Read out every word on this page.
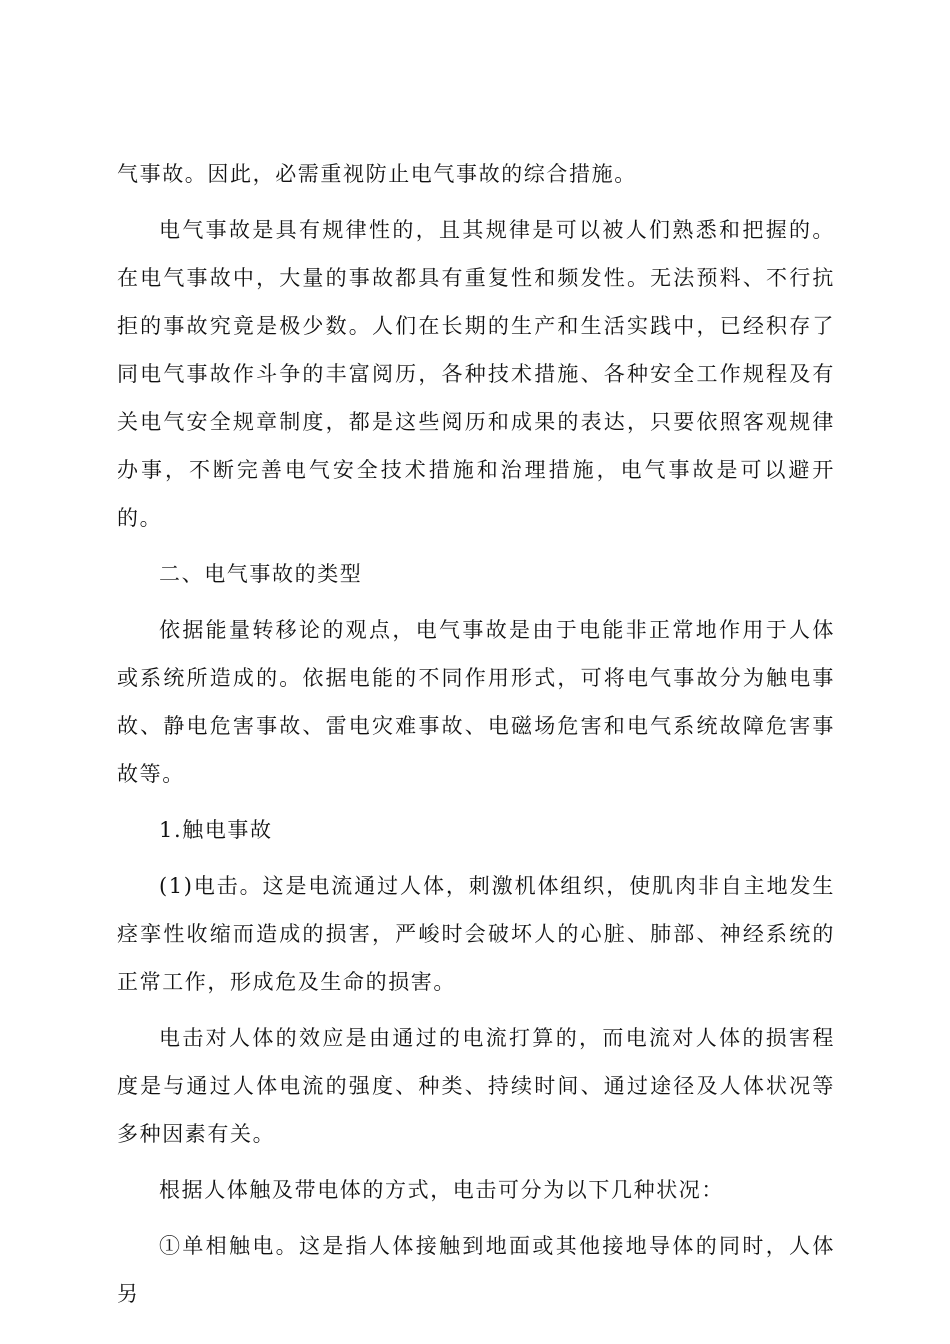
气事故。因此，必需重视防止电气事故的综合措施。

电气事故是具有规律性的，且其规律是可以被人们熟悉和把握的。在电气事故中，大量的事故都具有重复性和频发性。无法预料、不行抗拒的事故究竟是极少数。人们在长期的生产和生活实践中，已经积存了同电气事故作斗争的丰富阅历，各种技术措施、各种安全工作规程及有关电气安全规章制度，都是这些阅历和成果的表达，只要依照客观规律办事，不断完善电气安全技术措施和治理措施，电气事故是可以避开的。

二、电气事故的类型

依据能量转移论的观点，电气事故是由于电能非正常地作用于人体或系统所造成的。依据电能的不同作用形式，可将电气事故分为触电事故、静电危害事故、雷电灾难事故、电磁场危害和电气系统故障危害事故等。

1.触电事故

(1)电击。这是电流通过人体，刺激机体组织，使肌肉非自主地发生痉挛性收缩而造成的损害，严峻时会破坏人的心脏、肺部、神经系统的正常工作，形成危及生命的损害。

电击对人体的效应是由通过的电流打算的，而电流对人体的损害程度是与通过人体电流的强度、种类、持续时间、通过途径及人体状况等多种因素有关。

根据人体触及带电体的方式，电击可分为以下几种状况：

①单相触电。这是指人体接触到地面或其他接地导体的同时，人体另
